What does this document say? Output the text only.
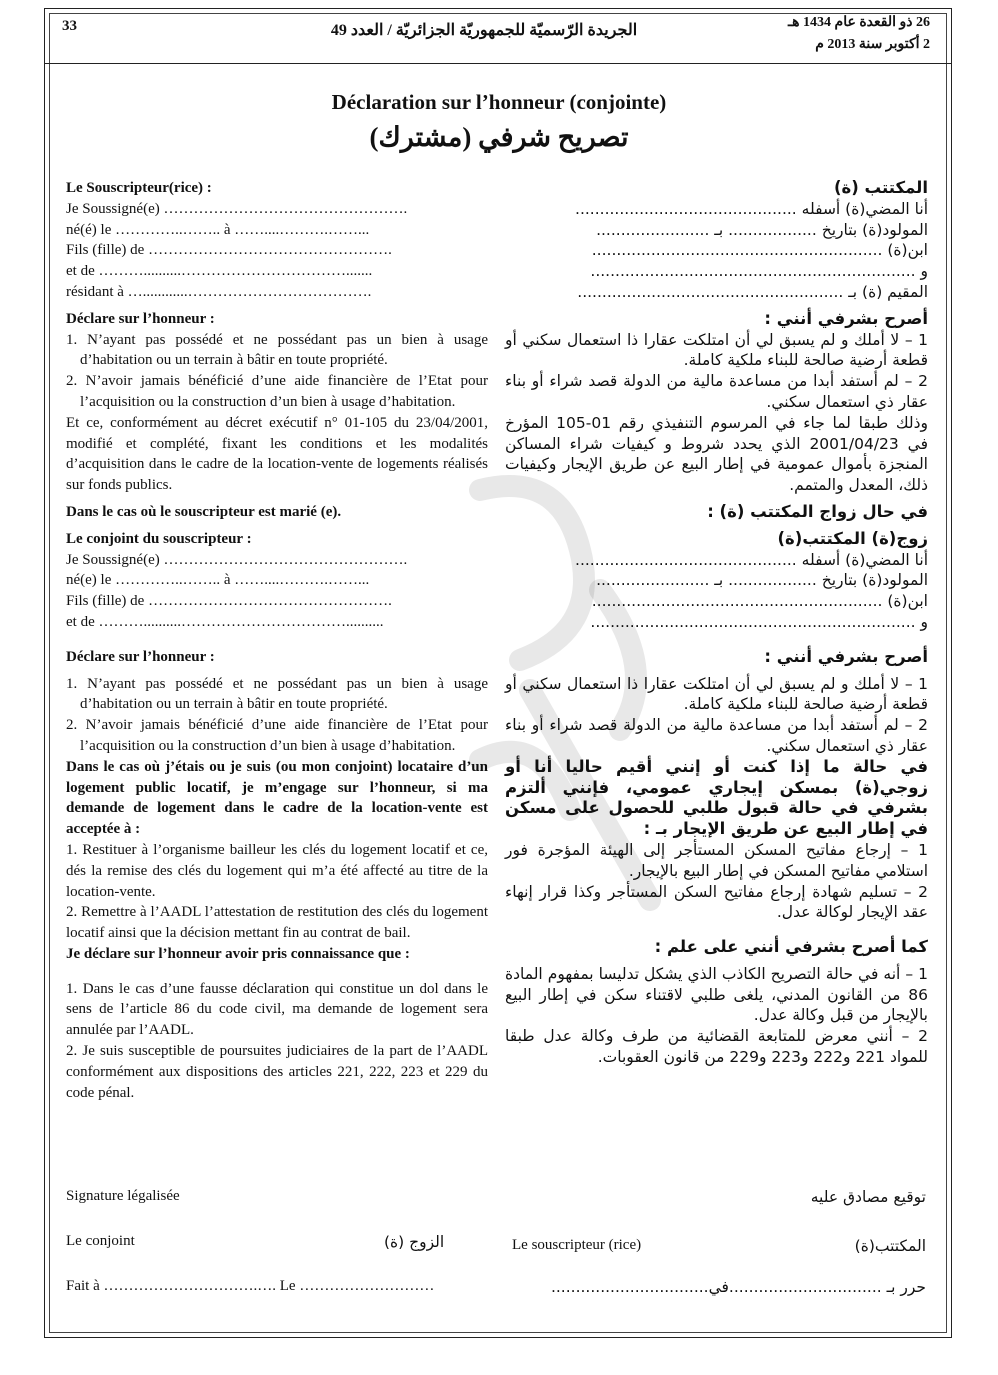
33	الجريدة الرّسميّة للجمهوريّة الجزائريّة / العدد 49	26 ذو القعدة عام 1434 هـ
2 أكتوبر سنة 2013 م
Déclaration sur l’honneur (conjointe)
تصريح شرفي (مشترك)

Le Souscripteur(rice) :

Je Soussigné(e) ………………………………………….

né(é) le …………..…….. à ……....……….……...

Fils (fille) de ………………………………………….

et de ………..........…………………………….......

résidant à …............……………………………….

Déclare sur l’honneur :

1. N’ayant pas possédé et ne possédant pas un bien à usage d’habitation ou un terrain à bâtir en toute propriété.

2. N’avoir jamais bénéficié d’une aide financière de l’Etat pour l’acquisition ou la construction d’un bien à usage d’habitation.

Et ce, conformément au décret exécutif n° 01-105 du 23/04/2001, modifié et complété, fixant les conditions et les modalités d’acquisition dans le cadre de la location-vente de logements réalisés sur fonds publics.

Dans le cas où le souscripteur est marié (e).

Le conjoint du souscripteur :

Je Soussigné(e) ………………………………………….

né(e) le …………..…….. à ……....……….……...

Fils (fille) de ………………………………………….

et de ………..........……………………………..........

Déclare sur l’honneur :

1. N’ayant pas possédé et ne possédant pas un bien à usage d’habitation ou un terrain à bâtir en toute propriété.

2. N’avoir jamais bénéficié d’une aide financière de l’Etat pour l’acquisition ou la construction d’un bien à usage d’habitation.

Dans le cas où j’étais ou je suis (ou mon conjoint) locataire d’un logement public locatif, je m’engage sur l’honneur, si ma demande de logement dans le cadre de la location-vente est acceptée à :

1. Restituer à l’organisme bailleur les clés du logement locatif et ce, dés la remise des clés du logement qui m’a été affecté au titre de la location-vente.

2. Remettre à l’AADL l’attestation de restitution des clés du logement locatif ainsi que la décision mettant fin au contrat de bail.

Je déclare sur l’honneur avoir pris connaissance que :

1. Dans le cas d’une fausse déclaration qui constitue un dol dans le sens de l’article 86 du code civil, ma demande de logement sera annulée par l’AADL.

2. Je suis susceptible de poursuites judiciaires de la part de l’AADL conformément aux dispositions des articles 221, 222, 223 et 229 du code pénal.

المكتتب (ة)

أنا المضي(ة) أسفله .............................................

المولود(ة) بتاريخ .................. بـ .......................

ابن(ة) ...........................................................

و ..................................................................

المقيم (ة) بـ ......................................................

أصرح بشرفي أنني :

1 – لا أملك و لم يسبق لي أن امتلكت عقارا ذا استعمال سكني أو قطعة أرضية صالحة للبناء ملكية كاملة.

2 – لم أستفد أبدا من مساعدة مالية من الدولة قصد شراء أو بناء عقار ذي استعمال سكني.

وذلك طبقا لما جاء في المرسوم التنفيذي رقم 01-105 المؤرخ في 2001/04/23 الذي يحدد شروط و كيفيات شراء المساكن المنجزة بأموال عمومية في إطار البيع عن طريق الإيجار وكيفيات ذلك، المعدل والمتمم.

في حال زواج المكتتب (ة) :

زوج(ة) المكتتب(ة)

أنا المضي(ة) أسفله .............................................

المولود(ة) بتاريخ .................. بـ .......................

ابن(ة) ...........................................................

و ..................................................................

أصرح بشرفي أنني :

1 – لا أملك و لم يسبق لي أن امتلكت عقارا ذا استعمال سكني أو قطعة أرضية صالحة للبناء ملكية كاملة.

2 – لم أستفد أبدا من مساعدة مالية من الدولة قصد شراء أو بناء عقار ذي استعمال سكني.

في حالة ما إذا كنت أو إنني أقيم حاليا أنا أو زوجي(ة) بمسكن إيجاري عمومي، فإنني ألتزم بشرفي في حالة قبول طلبي للحصول على مسكن في إطار البيع عن طريق الإيجار بـ :

1 – إرجاع مفاتيح المسكن المستأجر إلى الهيئة المؤجرة فور استلامي مفاتيح المسكن في إطار البيع بالإيجار.

2 – تسليم شهادة إرجاع مفاتيح السكن المستأجر وكذا قرار إنهاء عقد الإيجار لوكالة عدل.

كما أصرح بشرفي أنني على علم :

1 – أنه في حالة التصريح الكاذب الذي يشكل تدليسا بمفهوم المادة 86 من القانون المدني، يلغى طلبي لاقتناء سكن في إطار البيع بالإيجار من قبل وكالة عدل.

2 – أنني معرض للمتابعة القضائية من طرف وكالة عدل طبقا للمواد 221 و222 و223 و229 من قانون العقوبات.

Signature légalisée	توقيع مصادق عليه
Le conjoint	الزوج (ة)	Le souscripteur (rice)	المكتتب(ة)
Fait à ………………………….…. Le ………………………	حرر بـ ...............................في................................
